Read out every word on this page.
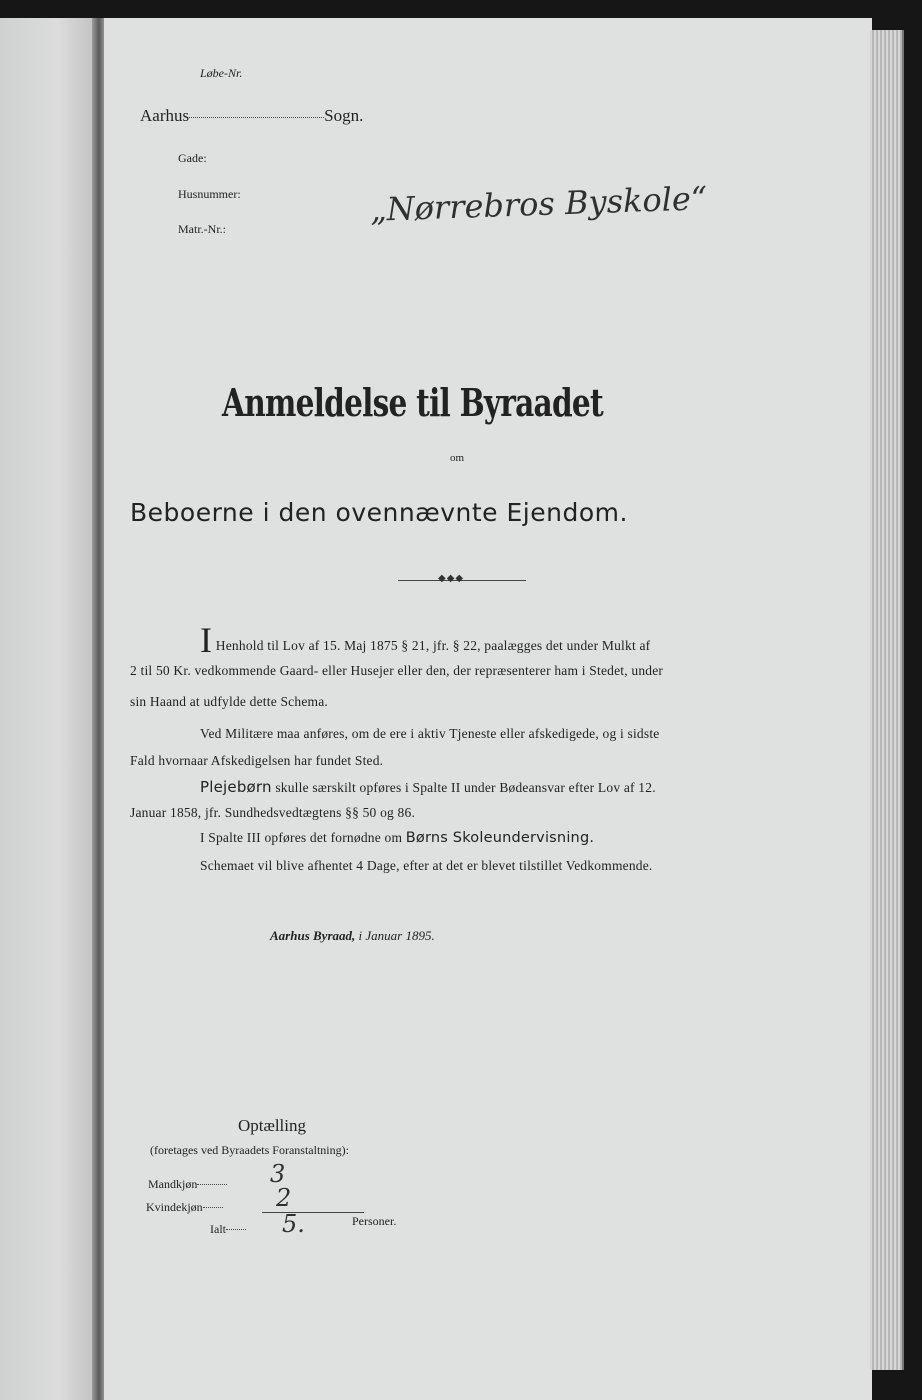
Løbe-Nr.
Aarhus	Sogn.
Gade:
Husnummer:
Matr.-Nr.:
„Nørrebros Byskole“
Anmeldelse til Byraadet
om
Beboerne i den ovennævnte Ejendom.
◆◆◆
I Henhold til Lov af 15. Maj 1875 § 21, jfr. § 22, paalægges det under Mulkt af
2 til 50 Kr. vedkommende Gaard- eller Husejer eller den, der repræsenterer ham i Stedet, under
sin Haand at udfylde dette Schema.
Ved Militære maa anføres, om de ere i aktiv Tjeneste eller afskedigede, og i sidste
Fald hvornaar Afskedigelsen har fundet Sted.
Plejebørn skulle særskilt opføres i Spalte II under Bødeansvar efter Lov af 12.
Januar 1858, jfr. Sundhedsvedtægtens §§ 50 og 86.
I Spalte III opføres det fornødne om Børns Skoleundervisning.
Schemaet vil blive afhentet 4 Dage, efter at det er blevet tilstillet Vedkommende.
Aarhus Byraad, i Januar 1895.
Optælling
(foretages ved Byraadets Foranstaltning):
Mandkjøn	3
Kvindekjøn	2
Ialt	5.	Personer.
